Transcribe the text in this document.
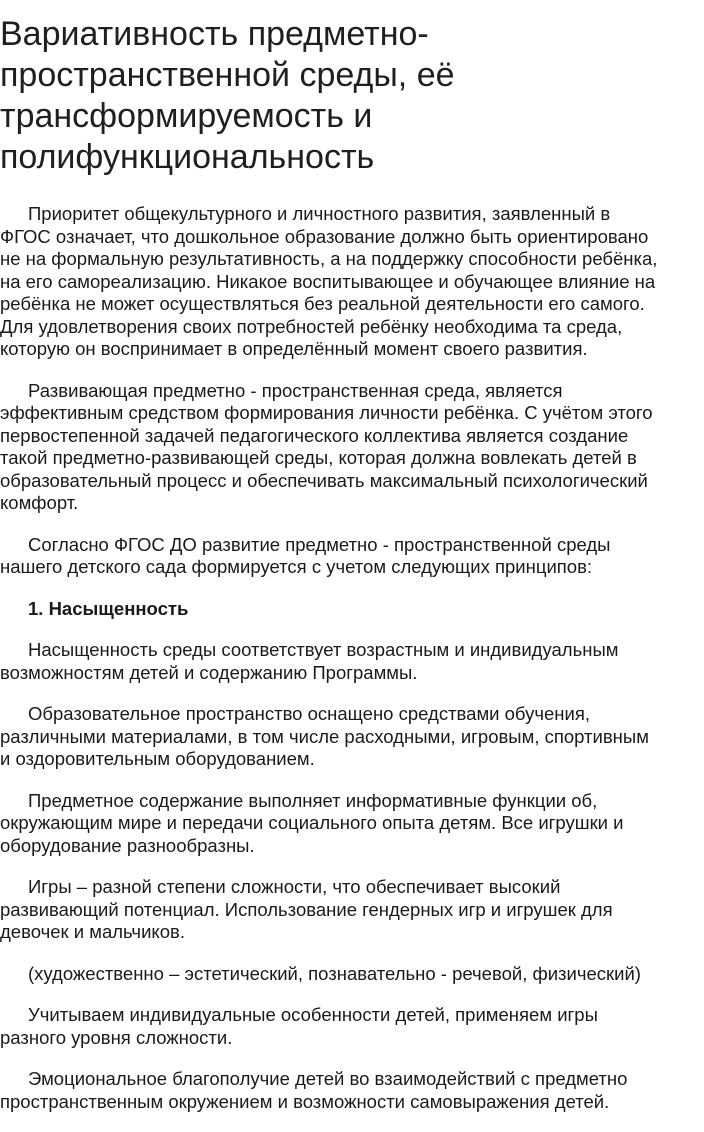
Вариативность предметно-
пространственной среды, её
трансформируемость и
полифункциональность

Приоритет общекультурного и личностного развития, заявленный в
ФГОС означает, что дошкольное образование должно быть ориентировано
не на формальную результативность, а на поддержку способности ребёнка,
на его самореализацию. Никакое воспитывающее и обучающее влияние на
ребёнка не может осуществляться без реальной деятельности его самого.
Для удовлетворения своих потребностей ребёнку необходима та среда,
которую он воспринимает в определённый момент своего развития.

Развивающая предметно - пространственная среда, является
эффективным средством формирования личности ребёнка. С учётом этого
первостепенной задачей педагогического коллектива является создание
такой предметно-развивающей среды, которая должна вовлекать детей в
образовательный процесс и обеспечивать максимальный психологический
комфорт.

Согласно ФГОС ДО развитие предметно - пространственной среды
нашего детского сада формируется с учетом следующих принципов:

1. Насыщенность

Насыщенность среды соответствует возрастным и индивидуальным
возможностям детей и содержанию Программы.

Образовательное пространство оснащено средствами обучения,
различными материалами, в том числе расходными, игровым, спортивным
и оздоровительным оборудованием.

Предметное содержание выполняет информативные функции об,
окружающим мире и передачи социального опыта детям. Все игрушки и
оборудование разнообразны.

Игры – разной степени сложности, что обеспечивает высокий
развивающий потенциал. Использование гендерных игр и игрушек для
девочек и мальчиков.

(художественно – эстетический, познавательно - речевой, физический)

Учитываем индивидуальные особенности детей, применяем игры
разного уровня сложности.

Эмоциональное благополучие детей во взаимодействий с предметно
пространственным окружением и возможности самовыражения детей.
